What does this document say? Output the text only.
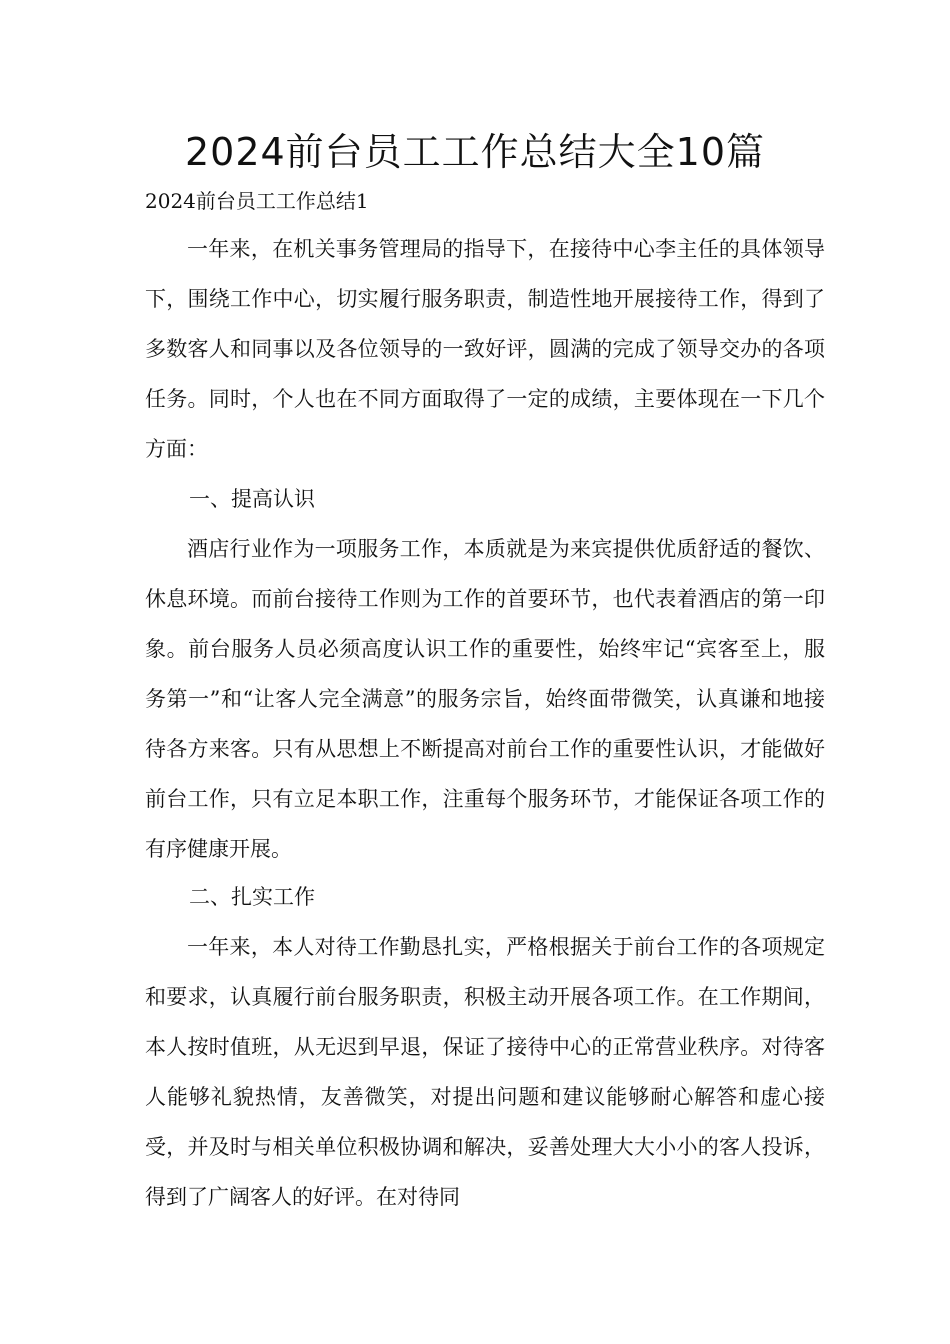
2024前台员工工作总结大全10篇

2024前台员工工作总结1

一年来，在机关事务管理局的指导下，在接待中心李主任的具体领导下，围绕工作中心，切实履行服务职责，制造性地开展接待工作，得到了多数客人和同事以及各位领导的一致好评，圆满的完成了领导交办的各项任务。同时，个人也在不同方面取得了一定的成绩，主要体现在一下几个方面：

一、提高认识

酒店行业作为一项服务工作，本质就是为来宾提供优质舒适的餐饮、休息环境。而前台接待工作则为工作的首要环节，也代表着酒店的第一印象。前台服务人员必须高度认识工作的重要性，始终牢记“宾客至上，服务第一”和“让客人完全满意”的服务宗旨，始终面带微笑，认真谦和地接待各方来客。只有从思想上不断提高对前台工作的重要性认识，才能做好前台工作，只有立足本职工作，注重每个服务环节，才能保证各项工作的有序健康开展。

二、扎实工作

一年来，本人对待工作勤恳扎实，严格根据关于前台工作的各项规定和要求，认真履行前台服务职责，积极主动开展各项工作。在工作期间，本人按时值班，从无迟到早退，保证了接待中心的正常营业秩序。对待客人能够礼貌热情，友善微笑，对提出问题和建议能够耐心解答和虚心接受，并及时与相关单位积极协调和解决，妥善处理大大小小的客人投诉，得到了广阔客人的好评。在对待同
